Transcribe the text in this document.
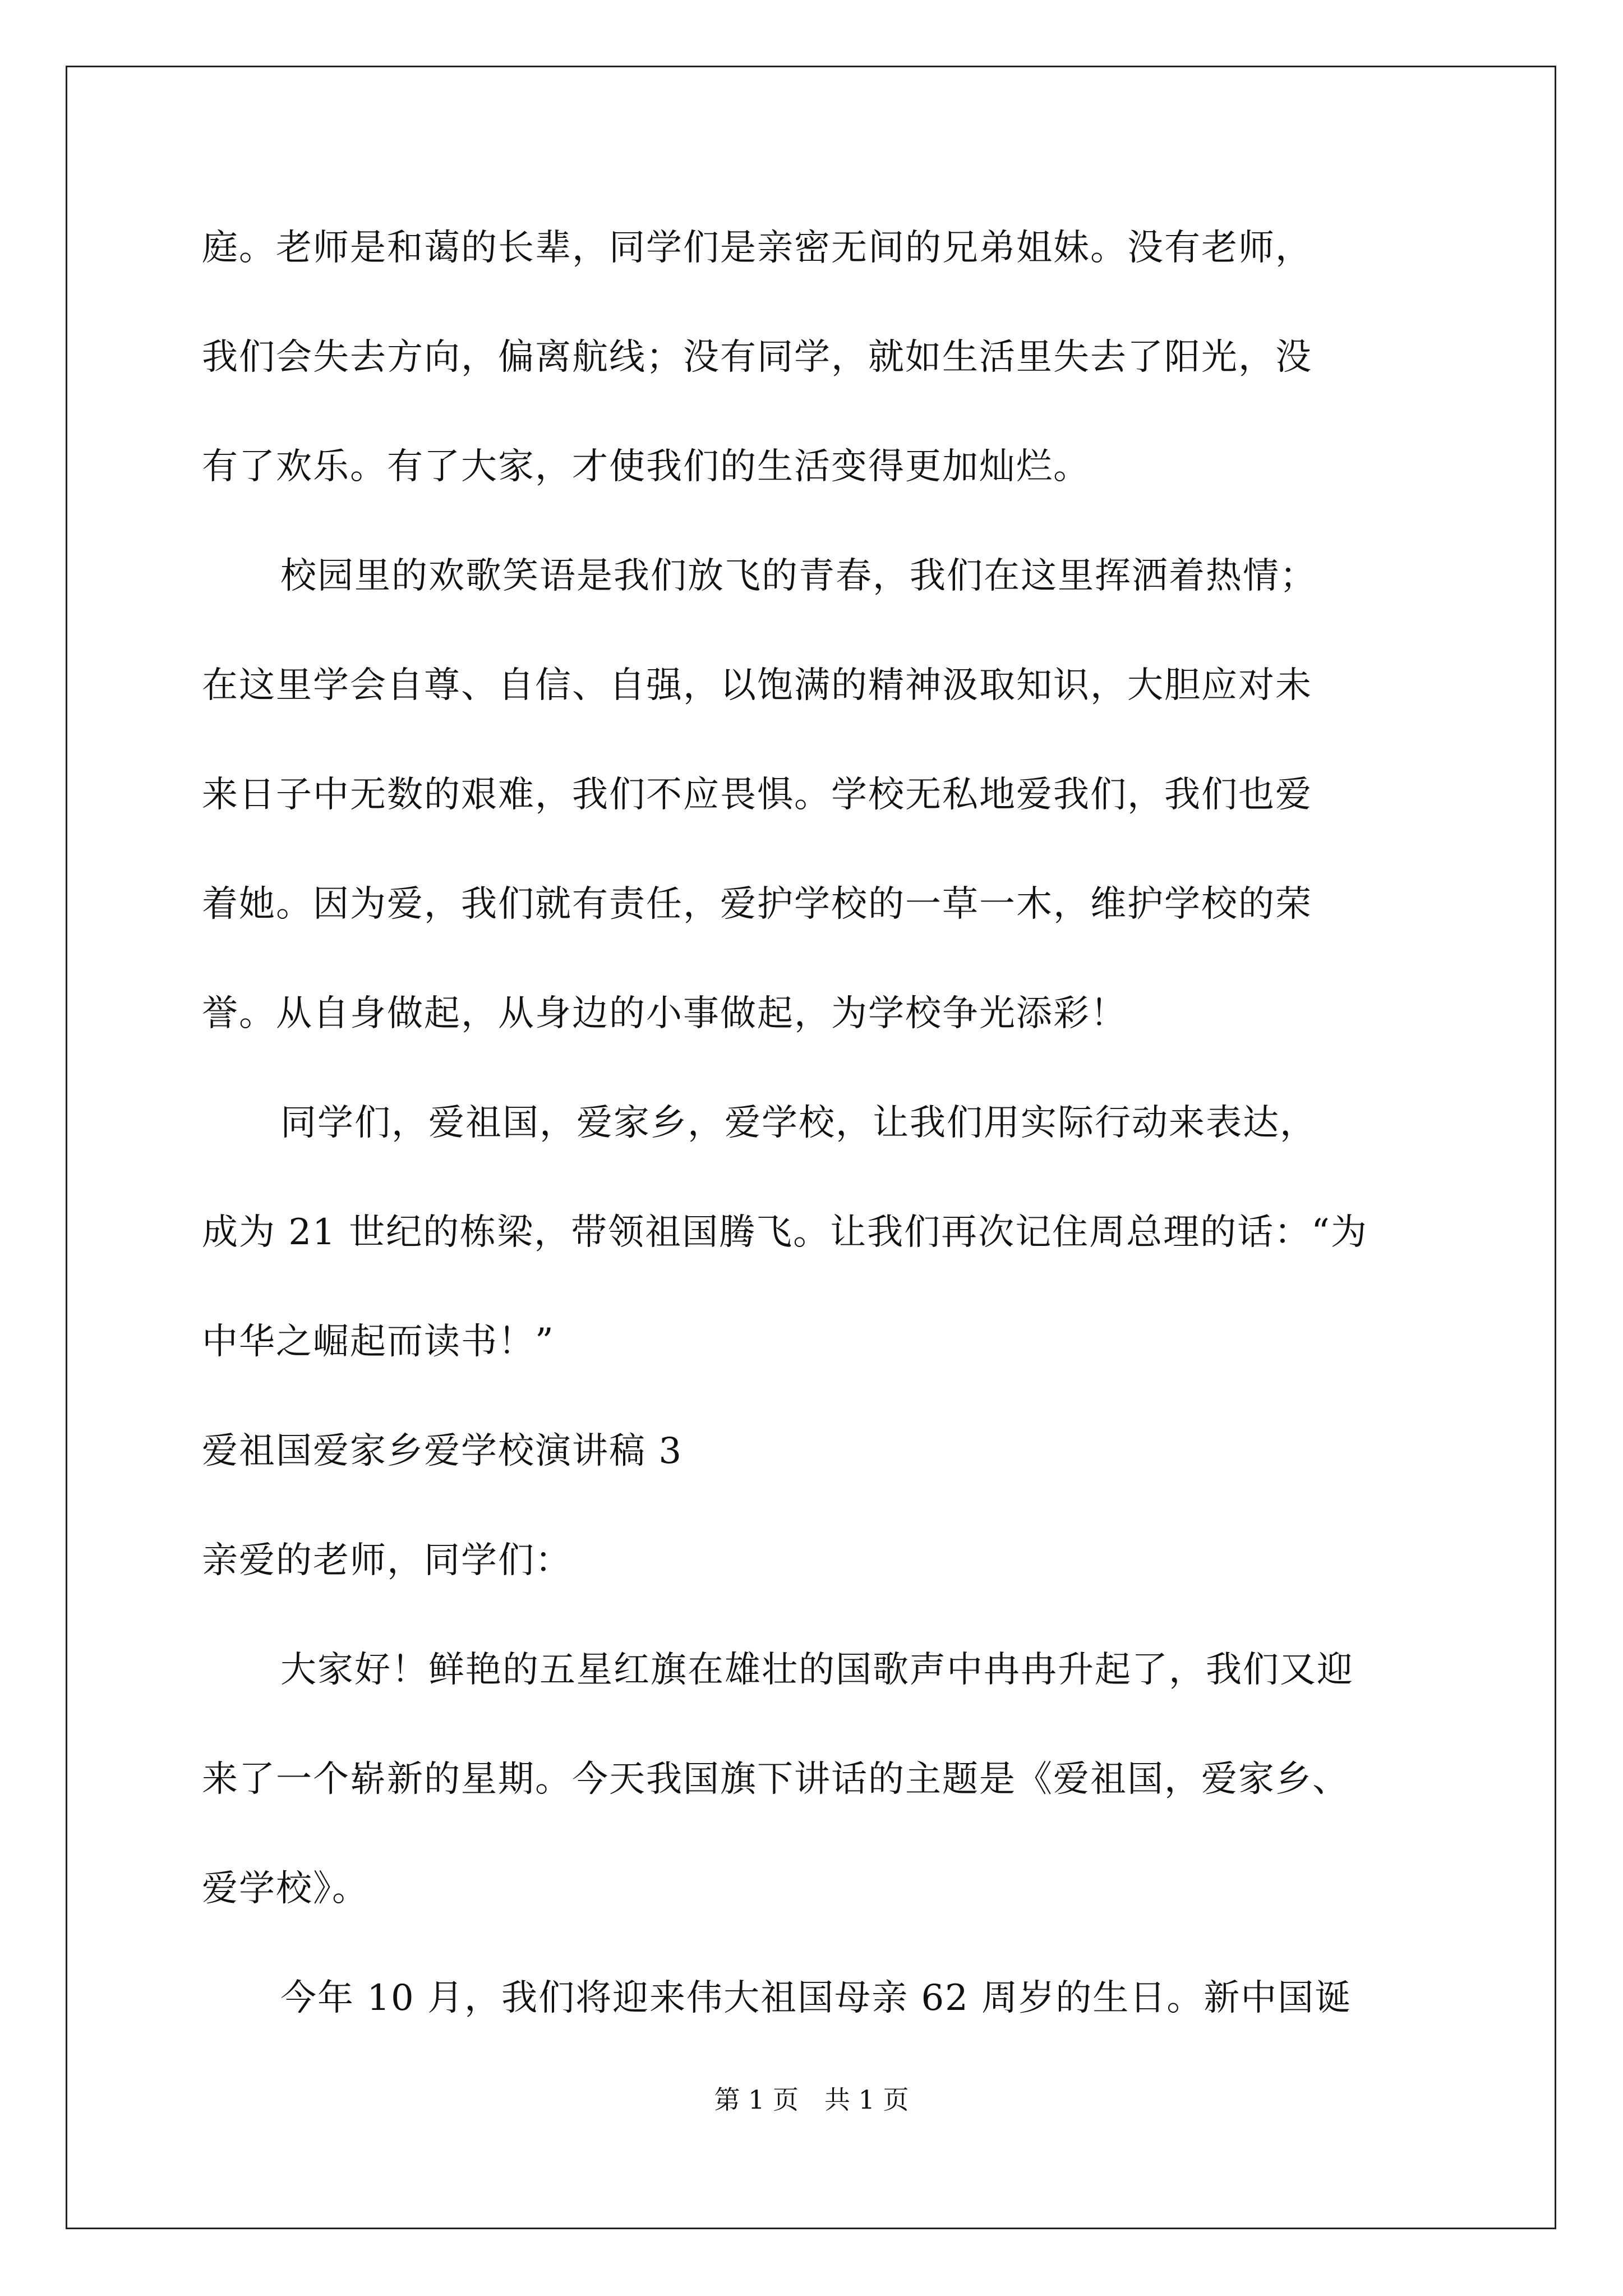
庭。老师是和蔼的长辈，同学们是亲密无间的兄弟姐妹。没有老师，
我们会失去方向，偏离航线；没有同学，就如生活里失去了阳光，没
有了欢乐。有了大家，才使我们的生活变得更加灿烂。
校园里的欢歌笑语是我们放飞的青春，我们在这里挥洒着热情；
在这里学会自尊、自信、自强，以饱满的精神汲取知识，大胆应对未
来日子中无数的艰难，我们不应畏惧。学校无私地爱我们，我们也爱
着她。因为爱，我们就有责任，爱护学校的一草一木，维护学校的荣
誉。从自身做起，从身边的小事做起，为学校争光添彩！
同学们，爱祖国，爱家乡，爱学校，让我们用实际行动来表达，
成为 21 世纪的栋梁，带领祖国腾飞。让我们再次记住周总理的话：“为
中华之崛起而读书！”
爱祖国爱家乡爱学校演讲稿 3
亲爱的老师，同学们：
大家好！鲜艳的五星红旗在雄壮的国歌声中冉冉升起了，我们又迎
来了一个崭新的星期。今天我国旗下讲话的主题是《爱祖国，爱家乡、
爱学校》。
今年 10 月，我们将迎来伟大祖国母亲 62 周岁的生日。新中国诞
第 1 页　共 1 页
